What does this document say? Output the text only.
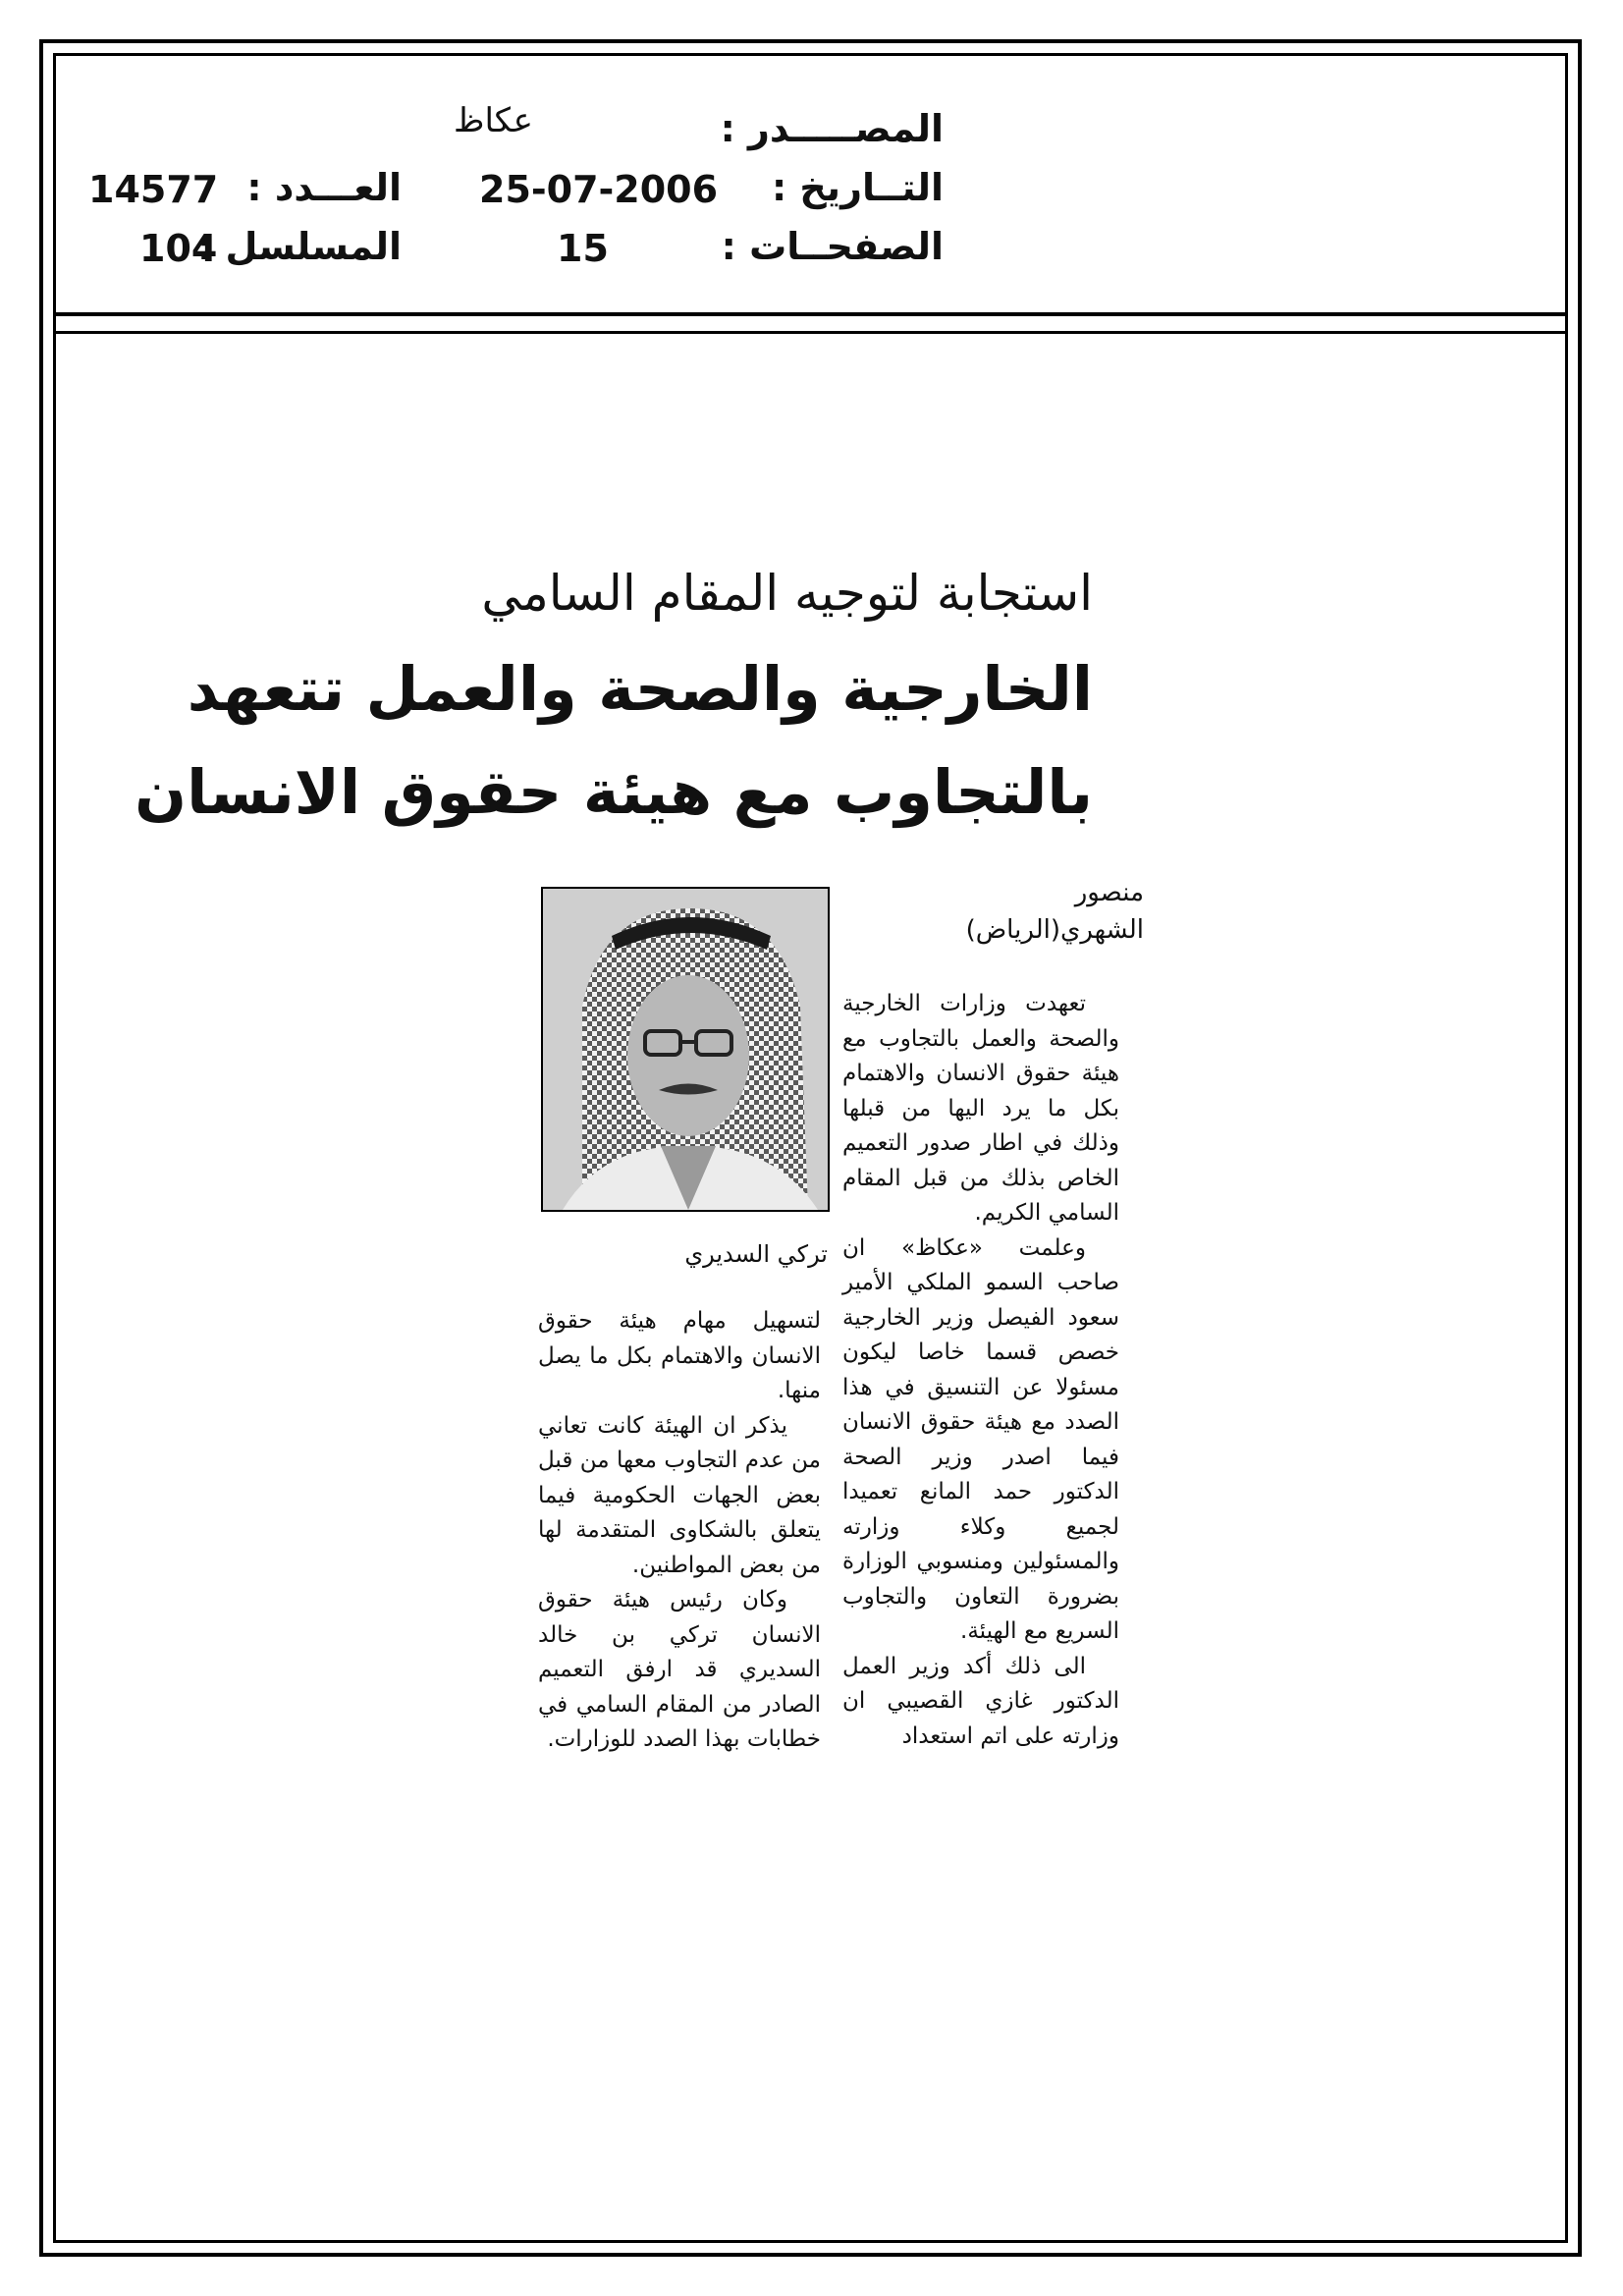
المصـــــدر :
عكاظ
التــاريخ :
25-07-2006
العـــدد :
14577
الصفحــات :
15
المسلسل :
104
استجابة لتوجيه المقام السامي
الخارجية والصحة والعمل تتعهد
بالتجاوب مع هيئة حقوق الانسان
منصور
الشهري(الرياض)
تركي السديري

تعهدت وزارات الخارجية والصحة والعمل بالتجاوب مع هيئة حقوق الانسان والاهتمام بكل ما يرد اليها من قبلها وذلك في اطار صدور التعميم الخاص بذلك من قبل المقام السامي الكريم.

وعلمت «عكاظ» ان صاحب السمو الملكي الأمير سعود الفيصل وزير الخارجية خصص قسما خاصا ليكون مسئولا عن التنسيق في هذا الصدد مع هيئة حقوق الانسان فيما اصدر وزير الصحة الدكتور حمد المانع تعميدا لجميع وكلاء وزارته والمسئولين ومنسوبي الوزارة بضرورة التعاون والتجاوب السريع مع الهيئة.

الى ذلك أكد وزير العمل الدكتور غازي القصيبي ان وزارته على اتم استعداد

لتسهيل مهام هيئة حقوق الانسان والاهتمام بكل ما يصل منها.

يذكر ان الهيئة كانت تعاني من عدم التجاوب معها من قبل بعض الجهات الحكومية فيما يتعلق بالشكاوى المتقدمة لها من بعض المواطنين.

وكان رئيس هيئة حقوق الانسان تركي بن خالد السديري قد ارفق التعميم الصادر من المقام السامي في خطابات بهذا الصدد للوزارات.
